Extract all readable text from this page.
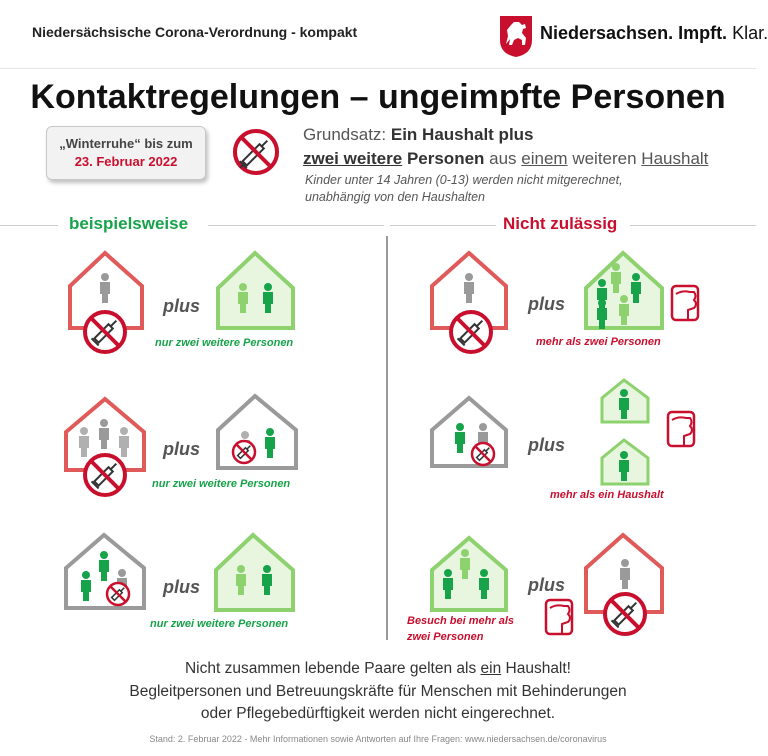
Niedersächsische Corona-Verordnung - kompakt	Niedersachsen. Impft. Klar.
Kontaktregelungen – ungeimpfte Personen
„Winterruhe“ bis zum
23. Februar 2022
Grundsatz: Ein Haushalt plus
zwei weitere Personen aus einem weiteren Haushalt
Kinder unter 14 Jahren (0-13) werden nicht mitgerechnet,
unabhängig von den Haushalten
beispielsweise	Nicht zulässig
plus
nur zwei weitere Personen
plus
nur zwei weitere Personen
plus
nur zwei weitere Personen
plus
mehr als zwei Personen
plus
mehr als ein Haushalt
plus
Besuch bei mehr als
zwei Personen
Nicht zusammen lebende Paare gelten als ein Haushalt!
Begleitpersonen und Betreuungskräfte für Menschen mit Behinderungen
oder Pflegebedürftigkeit werden nicht eingerechnet.
Stand: 2. Februar 2022 - Mehr Informationen sowie Antworten auf Ihre Fragen: www.niedersachsen.de/coronavirus
